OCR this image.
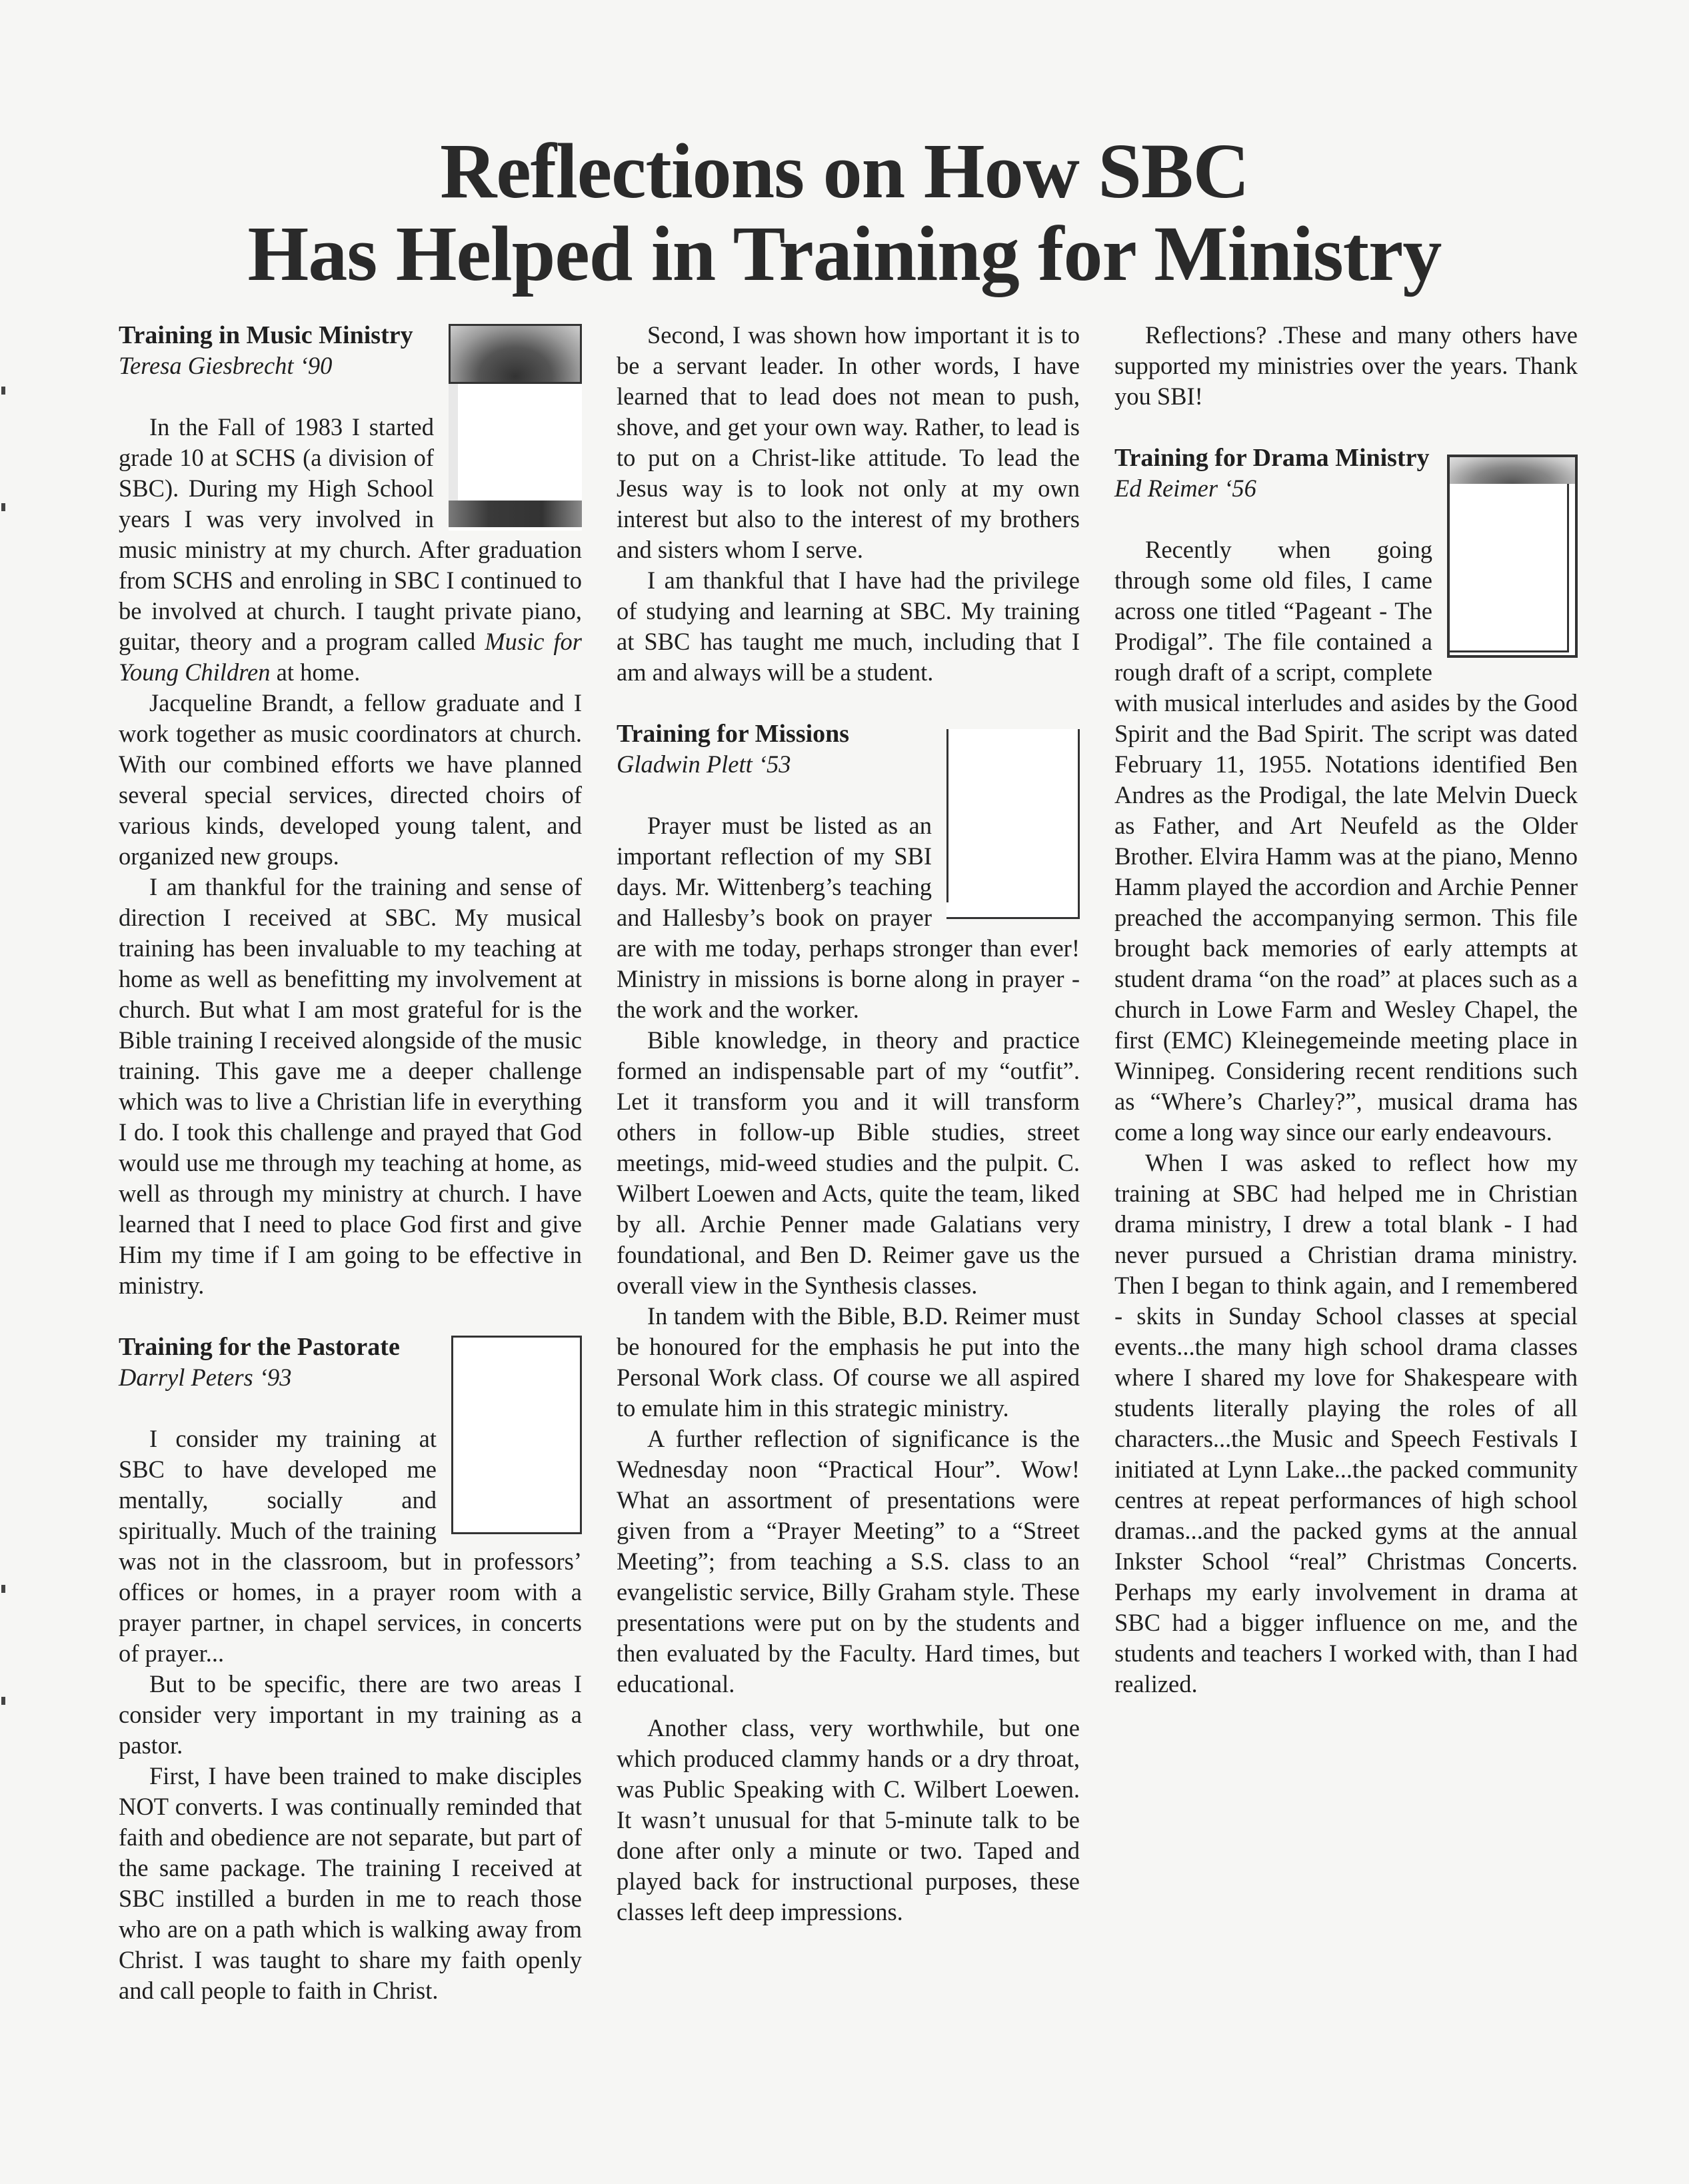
Reflections on How SBC
Has Helped in Training for Ministry

Training in Music Ministry

Teresa Giesbrecht ‘90

In the Fall of 1983 I started grade 10 at SCHS (a division of SBC). During my High School years I was very involved in music ministry at my church. After graduation from SCHS and enroling in SBC I continued to be involved at church. I taught private piano, guitar, theory and a program called Music for Young Children at home.

Jacqueline Brandt, a fellow graduate and I work together as music coordinators at church. With our combined efforts we have planned several special services, directed choirs of various kinds, developed young talent, and organized new groups.

I am thankful for the training and sense of direction I received at SBC. My musical training has been invaluable to my teaching at home as well as benefitting my involvement at church. But what I am most grateful for is the Bible training I received alongside of the music training. This gave me a deeper challenge which was to live a Christian life in everything I do. I took this challenge and prayed that God would use me through my teaching at home, as well as through my ministry at church. I have learned that I need to place God first and give Him my time if I am going to be effective in ministry.

Training for the Pastorate

Darryl Peters ‘93

I consider my training at SBC to have developed me mentally, socially and spiritually. Much of the training was not in the classroom, but in professors’ offices or homes, in a prayer room with a prayer partner, in chapel services, in concerts of prayer...

But to be specific, there are two areas I consider very important in my training as a pastor.

First, I have been trained to make disciples NOT converts. I was continually reminded that faith and obedience are not separate, but part of the same package. The training I received at SBC instilled a burden in me to reach those who are on a path which is walking away from Christ. I was taught to share my faith openly and call people to faith in Christ.

Second, I was shown how important it is to be a servant leader. In other words, I have learned that to lead does not mean to push, shove, and get your own way. Rather, to lead is to put on a Christ-like attitude. To lead the Jesus way is to look not only at my own interest but also to the interest of my brothers and sisters whom I serve.

I am thankful that I have had the privilege of studying and learning at SBC. My training at SBC has taught me much, including that I am and always will be a student.

Training for Missions

Gladwin Plett ‘53

Prayer must be listed as an important reflection of my SBI days. Mr. Wittenberg’s teaching and Hallesby’s book on prayer are with me today, perhaps stronger than ever! Ministry in missions is borne along in prayer - the work and the worker.

Bible knowledge, in theory and practice formed an indispensable part of my “outfit”. Let it transform you and it will transform others in follow-up Bible studies, street meetings, mid-weed studies and the pulpit. C. Wilbert Loewen and Acts, quite the team, liked by all. Archie Penner made Galatians very foundational, and Ben D. Reimer gave us the overall view in the Synthesis classes.

In tandem with the Bible, B.D. Reimer must be honoured for the emphasis he put into the Personal Work class. Of course we all aspired to emulate him in this strategic ministry.

A further reflection of significance is the Wednesday noon “Practical Hour”. Wow! What an assortment of presentations were given from a “Prayer Meeting” to a “Street Meeting”; from teaching a S.S. class to an evangelistic service, Billy Graham style. These presentations were put on by the students and then evaluated by the Faculty. Hard times, but educational.

Another class, very worthwhile, but one which produced clammy hands or a dry throat, was Public Speaking with C. Wilbert Loewen. It wasn’t unusual for that 5-minute talk to be done after only a minute or two. Taped and played back for instructional purposes, these classes left deep impressions.

Reflections? .These and many others have supported my ministries over the years. Thank you SBI!

Training for Drama Ministry

Ed Reimer ‘56

Recently when going through some old files, I came across one titled “Pageant - The Prodigal”. The file contained a rough draft of a script, complete with musical interludes and asides by the Good Spirit and the Bad Spirit. The script was dated February 11, 1955. Notations identified Ben Andres as the Prodigal, the late Melvin Dueck as Father, and Art Neufeld as the Older Brother. Elvira Hamm was at the piano, Menno Hamm played the accordion and Archie Penner preached the accompanying sermon. This file brought back memories of early attempts at student drama “on the road” at places such as a church in Lowe Farm and Wesley Chapel, the first (EMC) Kleinegemeinde meeting place in Winnipeg. Considering recent renditions such as “Where’s Charley?”, musical drama has come a long way since our early endeavours.

When I was asked to reflect how my training at SBC had helped me in Christian drama ministry, I drew a total blank - I had never pursued a Christian drama ministry. Then I began to think again, and I remembered - skits in Sunday School classes at special events...the many high school drama classes where I shared my love for Shakespeare with students literally playing the roles of all characters...the Music and Speech Festivals I initiated at Lynn Lake...the packed community centres at repeat performances of high school dramas...and the packed gyms at the annual Inkster School “real” Christmas Concerts. Perhaps my early involvement in drama at SBC had a bigger influence on me, and the students and teachers I worked with, than I had realized.
